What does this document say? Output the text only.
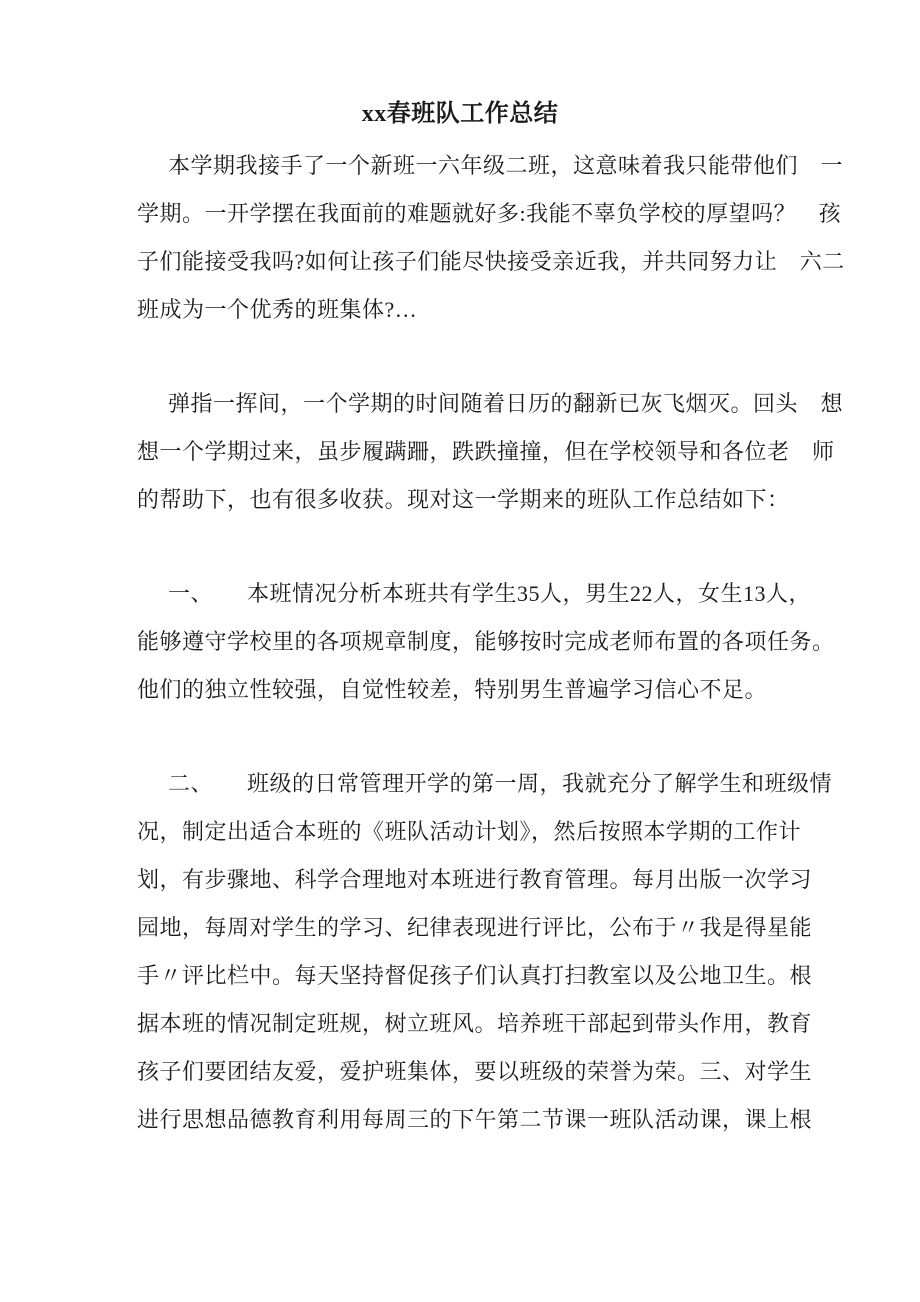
xx春班队工作总结
本学期我接手了一个新班一六年级二班，这意味着我只能带他们　一
学期。一开学摆在我面前的难题就好多:我能不辜负学校的厚望吗？　孩
子们能接受我吗?如何让孩子们能尽快接受亲近我，并共同努力让　六二
班成为一个优秀的班集体?…
弹指一挥间，一个学期的时间随着日历的翻新已灰飞烟灭。回头　想
想一个学期过来，虽步履蹒跚，跌跌撞撞，但在学校领导和各位老　师
的帮助下，也有很多收获。现对这一学期来的班队工作总结如下：
一、　　本班情况分析本班共有学生35人，男生22人，女生13人，
能够遵守学校里的各项规章制度，能够按时完成老师布置的各项任务。
他们的独立性较强，自觉性较差，特别男生普遍学习信心不足。
二、　　班级的日常管理开学的第一周，我就充分了解学生和班级情
况，制定出适合本班的《班队活动计划》，然后按照本学期的工作计
划，有步骤地、科学合理地对本班进行教育管理。每月出版一次学习
园地，每周对学生的学习、纪律表现进行评比，公布于〃我是得星能
手〃评比栏中。每天坚持督促孩子们认真打扫教室以及公地卫生。根
据本班的情况制定班规，树立班风。培养班干部起到带头作用，教育
孩子们要团结友爱，爱护班集体，要以班级的荣誉为荣。三、对学生
进行思想品德教育利用每周三的下午第二节课一班队活动课，课上根
